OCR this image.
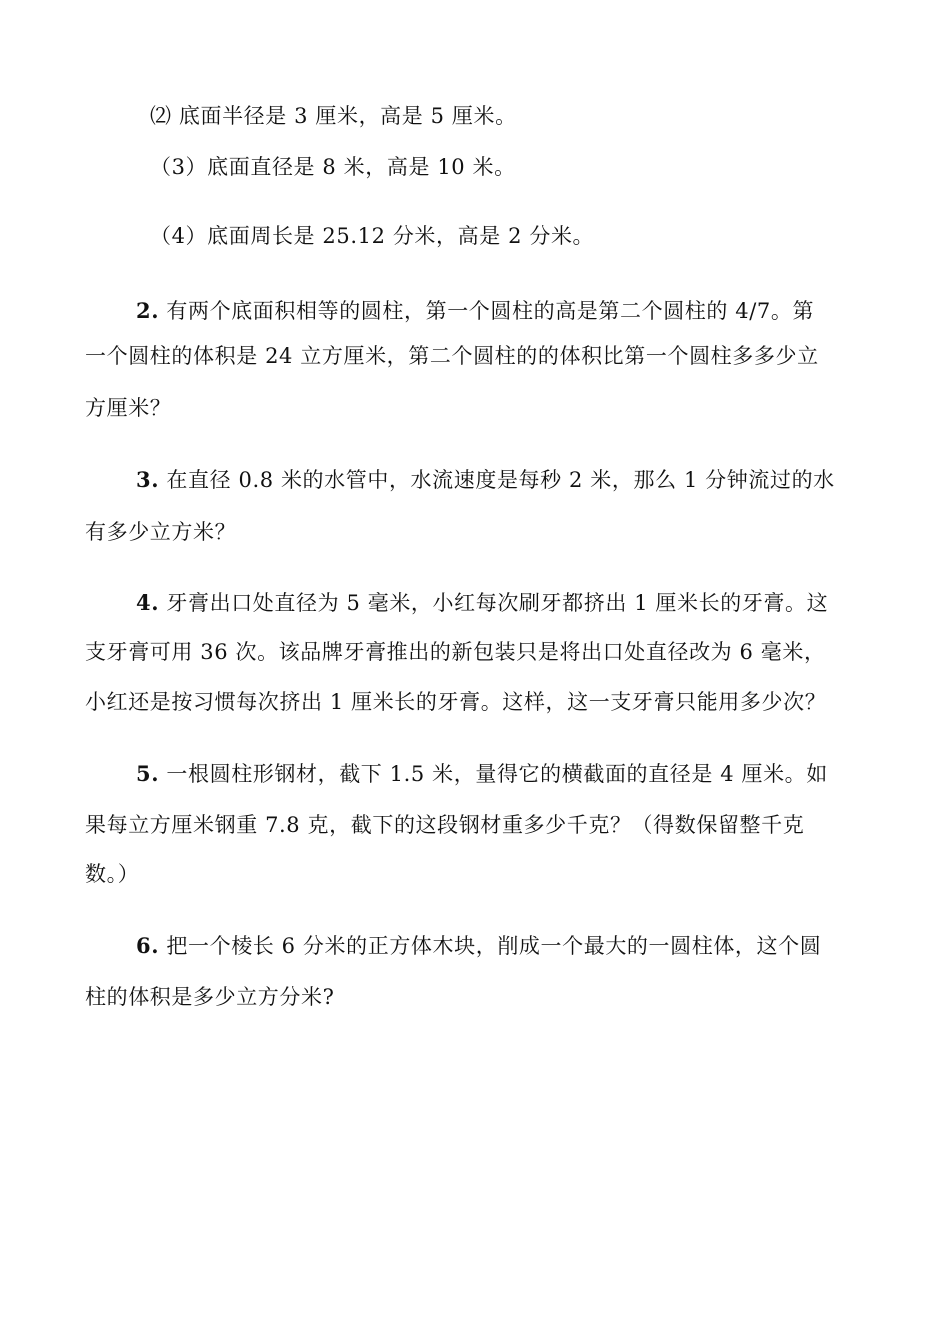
⑵ 底面半径是 3 厘米，高是 5 厘米。
（3）底面直径是 8 米，高是 10 米。
（4）底面周长是 25.12 分米，高是 2 分米。
2. 有两个底面积相等的圆柱，第一个圆柱的高是第二个圆柱的 4/7。第
一个圆柱的体积是 24 立方厘米，第二个圆柱的的体积比第一个圆柱多多少立
方厘米？
3. 在直径 0.8 米的水管中，水流速度是每秒 2 米，那么 1 分钟流过的水
有多少立方米？
4. 牙膏出口处直径为 5 毫米，小红每次刷牙都挤出 1 厘米长的牙膏。这
支牙膏可用 36 次。该品牌牙膏推出的新包装只是将出口处直径改为 6 毫米，
小红还是按习惯每次挤出 1 厘米长的牙膏。这样，这一支牙膏只能用多少次？
5. 一根圆柱形钢材，截下 1.5 米，量得它的横截面的直径是 4 厘米。如
果每立方厘米钢重 7.8 克，截下的这段钢材重多少千克？（得数保留整千克
数。）
6. 把一个棱长 6 分米的正方体木块，削成一个最大的一圆柱体，这个圆
柱的体积是多少立方分米?
